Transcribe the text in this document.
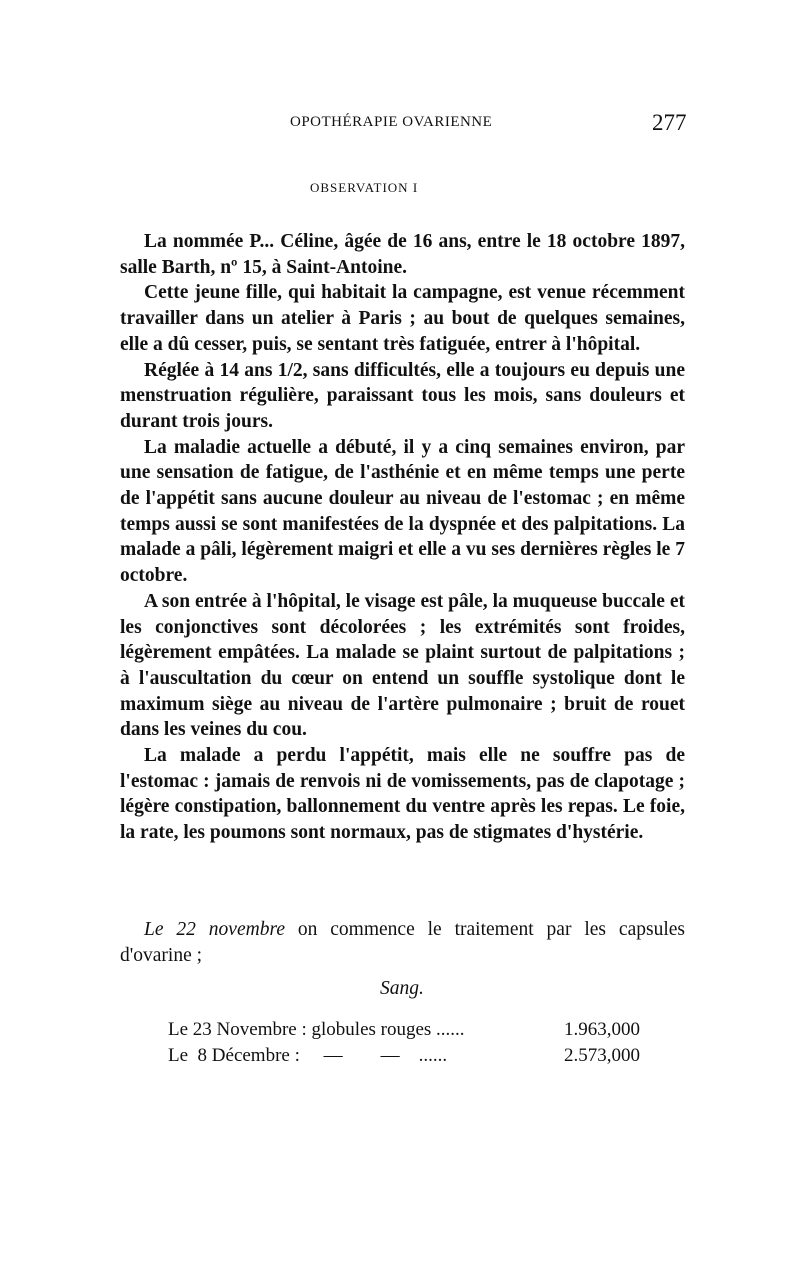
OPOTHÉRAPIE OVARIENNE	277
OBSERVATION I

La nommée P... Céline, âgée de 16 ans, entre le 18 octobre 1897, salle Barth, nº 15, à Saint-Antoine.

Cette jeune fille, qui habitait la campagne, est venue récemment travailler dans un atelier à Paris ; au bout de quelques semaines, elle a dû cesser, puis, se sentant très fatiguée, entrer à l'hôpital.

Réglée à 14 ans 1/2, sans difficultés, elle a toujours eu depuis une menstruation régulière, paraissant tous les mois, sans douleurs et durant trois jours.

La maladie actuelle a débuté, il y a cinq semaines environ, par une sensation de fatigue, de l'asthénie et en même temps une perte de l'appétit sans aucune douleur au niveau de l'estomac ; en même temps aussi se sont manifestées de la dyspnée et des palpitations. La malade a pâli, légèrement maigri et elle a vu ses dernières règles le 7 octobre.

A son entrée à l'hôpital, le visage est pâle, la muqueuse buccale et les conjonctives sont décolorées ; les extrémités sont froides, légèrement empâtées. La malade se plaint surtout de palpitations ; à l'auscultation du cœur on entend un souffle systolique dont le maximum siège au niveau de l'artère pulmonaire ; bruit de rouet dans les veines du cou.

La malade a perdu l'appétit, mais elle ne souffre pas de l'estomac : jamais de renvois ni de vomissements, pas de clapotage ; légère constipation, ballonnement du ventre après les repas. Le foie, la rate, les poumons sont normaux, pas de stigmates d'hystérie.

Le 22 novembre on commence le traitement par les capsules d'ovarine ;

Sang.
Le 23 Novembre : globules rouges ......	1.963,000
Le  8 Décembre :     —        —    ......	2.573,000
